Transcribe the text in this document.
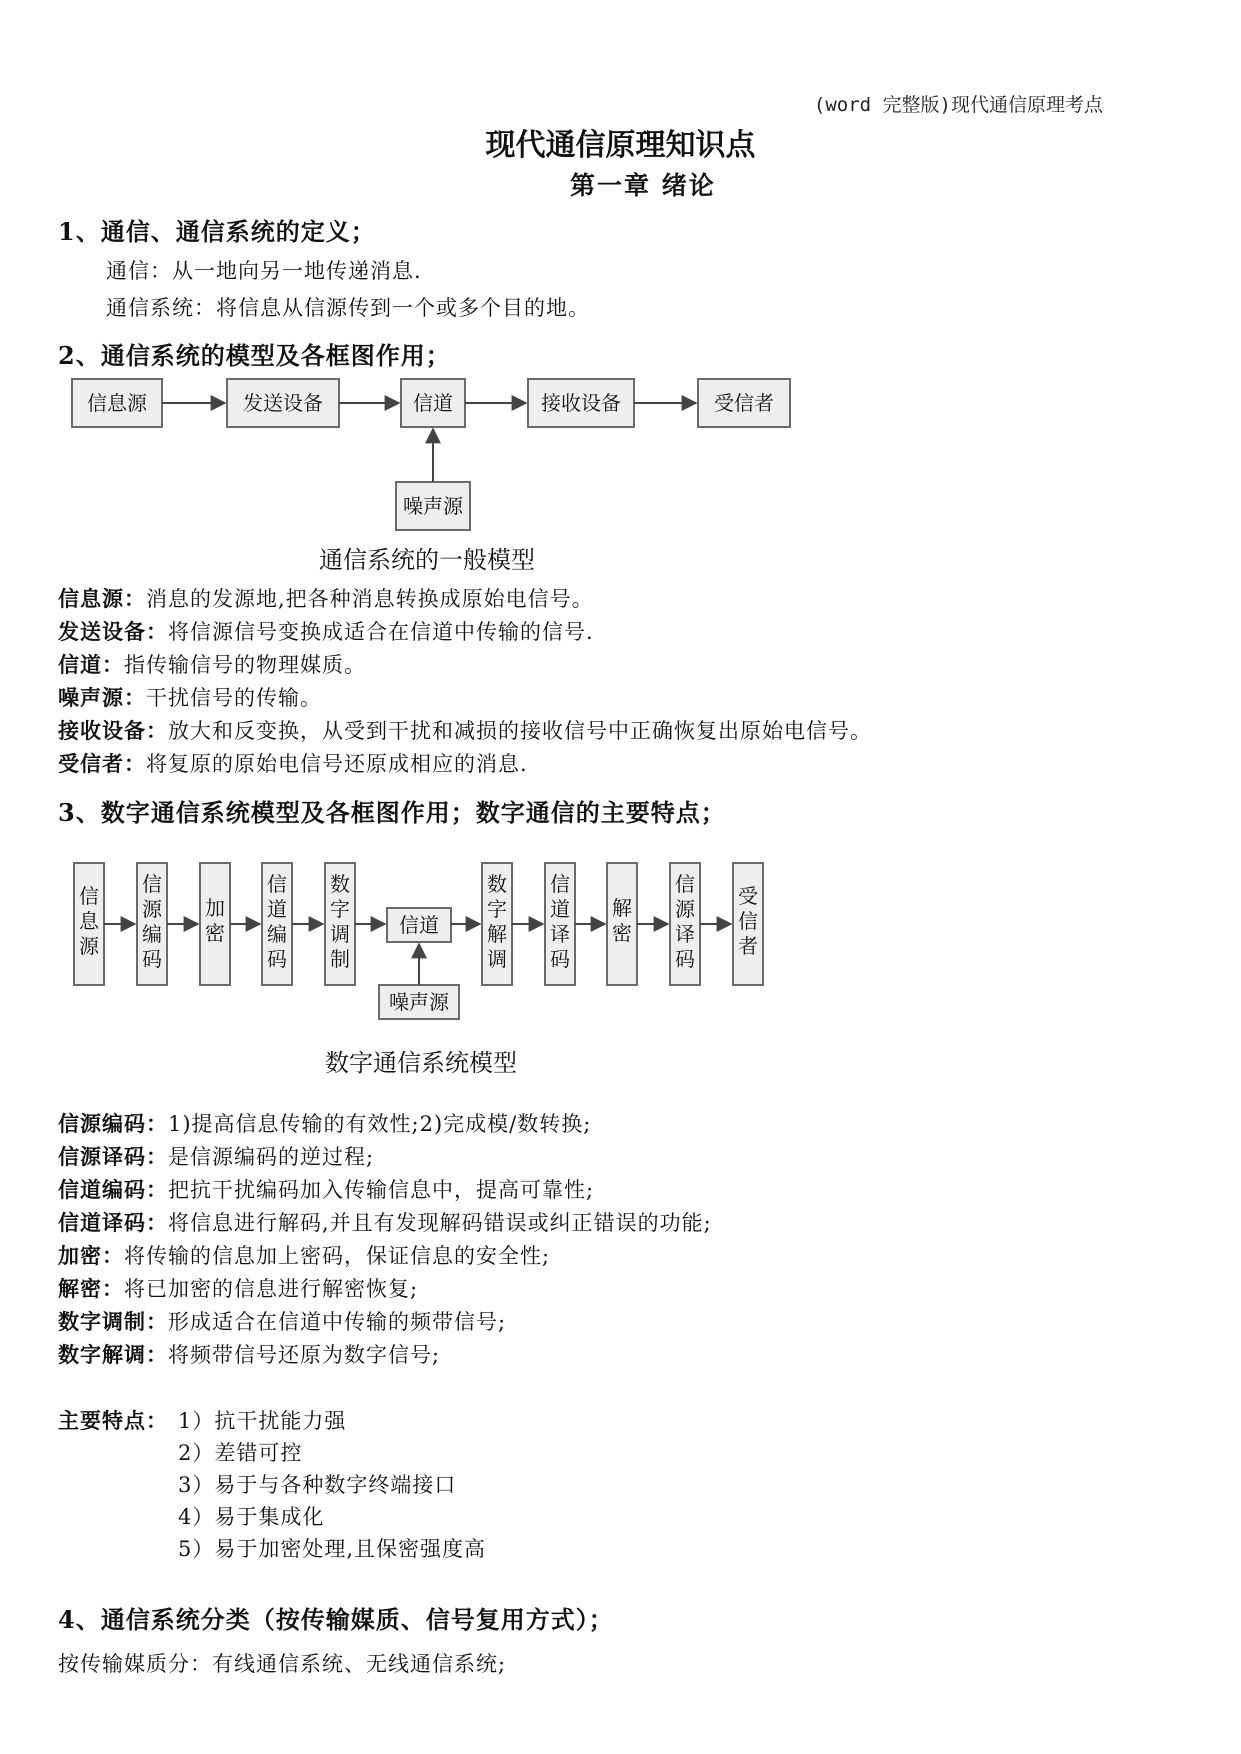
(word 完整版)现代通信原理考点
现代通信原理知识点
第一章 绪论
1、通信、通信系统的定义；
通信：从一地向另一地传递消息.
通信系统：将信息从信源传到一个或多个目的地。
2、通信系统的模型及各框图作用；
信息源	发送设备	信道	接收设备	受信者
噪声源
信
息
源
信
源
编
码
加
密
信
道
编
码
数
字
调
制
信道
数
字
解
调
信
道
译
码
解
密
信
源
译
码
受
信
者
噪声源
通信系统的一般模型
信息源：消息的发源地,把各种消息转换成原始电信号。
发送设备：将信源信号变换成适合在信道中传输的信号.
信道：指传输信号的物理媒质。
噪声源：干扰信号的传输。
接收设备：放大和反变换，从受到干扰和减损的接收信号中正确恢复出原始电信号。
受信者：将复原的原始电信号还原成相应的消息.
3、数字通信系统模型及各框图作用；数字通信的主要特点；
数字通信系统模型
信源编码：1)提高信息传输的有效性;2)完成模/数转换;
信源译码：是信源编码的逆过程;
信道编码：把抗干扰编码加入传输信息中，提高可靠性;
信道译码：将信息进行解码,并且有发现解码错误或纠正错误的功能;
加密：将传输的信息加上密码，保证信息的安全性;
解密：将已加密的信息进行解密恢复;
数字调制：形成适合在信道中传输的频带信号;
数字解调：将频带信号还原为数字信号;
主要特点： 1）抗干扰能力强
2）差错可控
3）易于与各种数字终端接口
4）易于集成化
5）易于加密处理,且保密强度高
4、通信系统分类（按传输媒质、信号复用方式）；
按传输媒质分：有线通信系统、无线通信系统;
